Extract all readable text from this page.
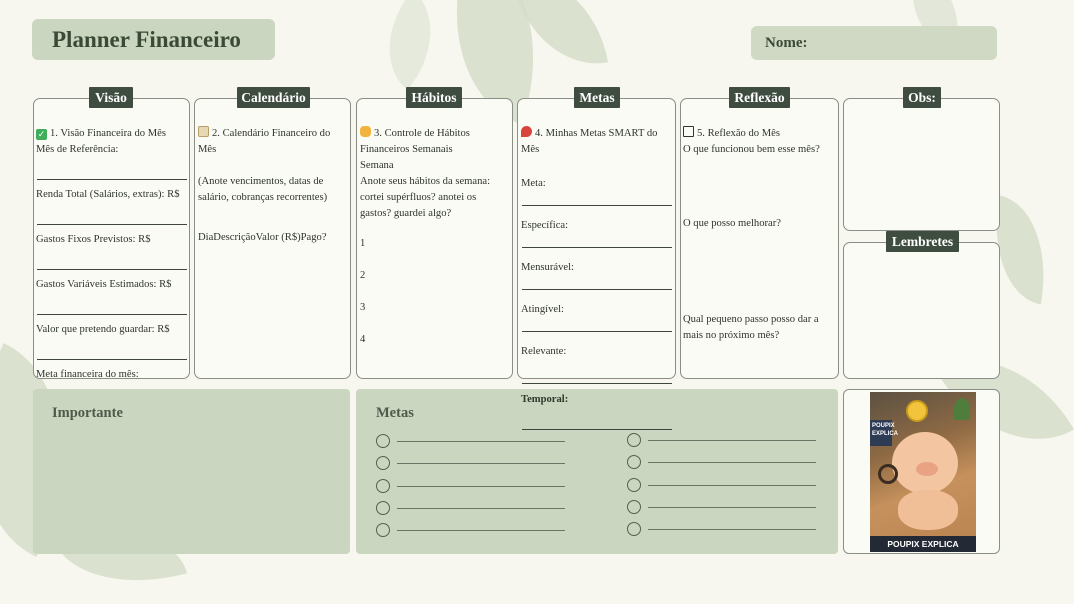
Planner Financeiro	Nome:
Visão	Calendário	Hábitos	Metas	Reflexão	Obs:
Lembretes
✓ 1. Visão Financeira do Mês
Mês de Referência:
Renda Total (Salários, extras): R$
Gastos Fixos Previstos: R$
Gastos Variáveis Estimados: R$
Valor que pretendo guardar: R$
Meta financeira do mês:
2. Calendário Financeiro do Mês
(Anote vencimentos, datas de salário, cobranças recorrentes)
DiaDescriçãoValor (R$)Pago?
3. Controle de Hábitos Financeiros Semanais
Semana
Anote seus hábitos da semana: cortei supérfluos? anotei os gastos? guardei algo?
1
2
3
4
4. Minhas Metas SMART do Mês
Meta:
Específica:
Mensurável:
Atingível:
Relevante:
Temporal:
5. Reflexão do Mês
O que funcionou bem esse mês?
O que posso melhorar?
Qual pequeno passo posso dar a mais no próximo mês?
Importante	Metas
POUPIX EXPLICA
POUPIX EXPLICA
